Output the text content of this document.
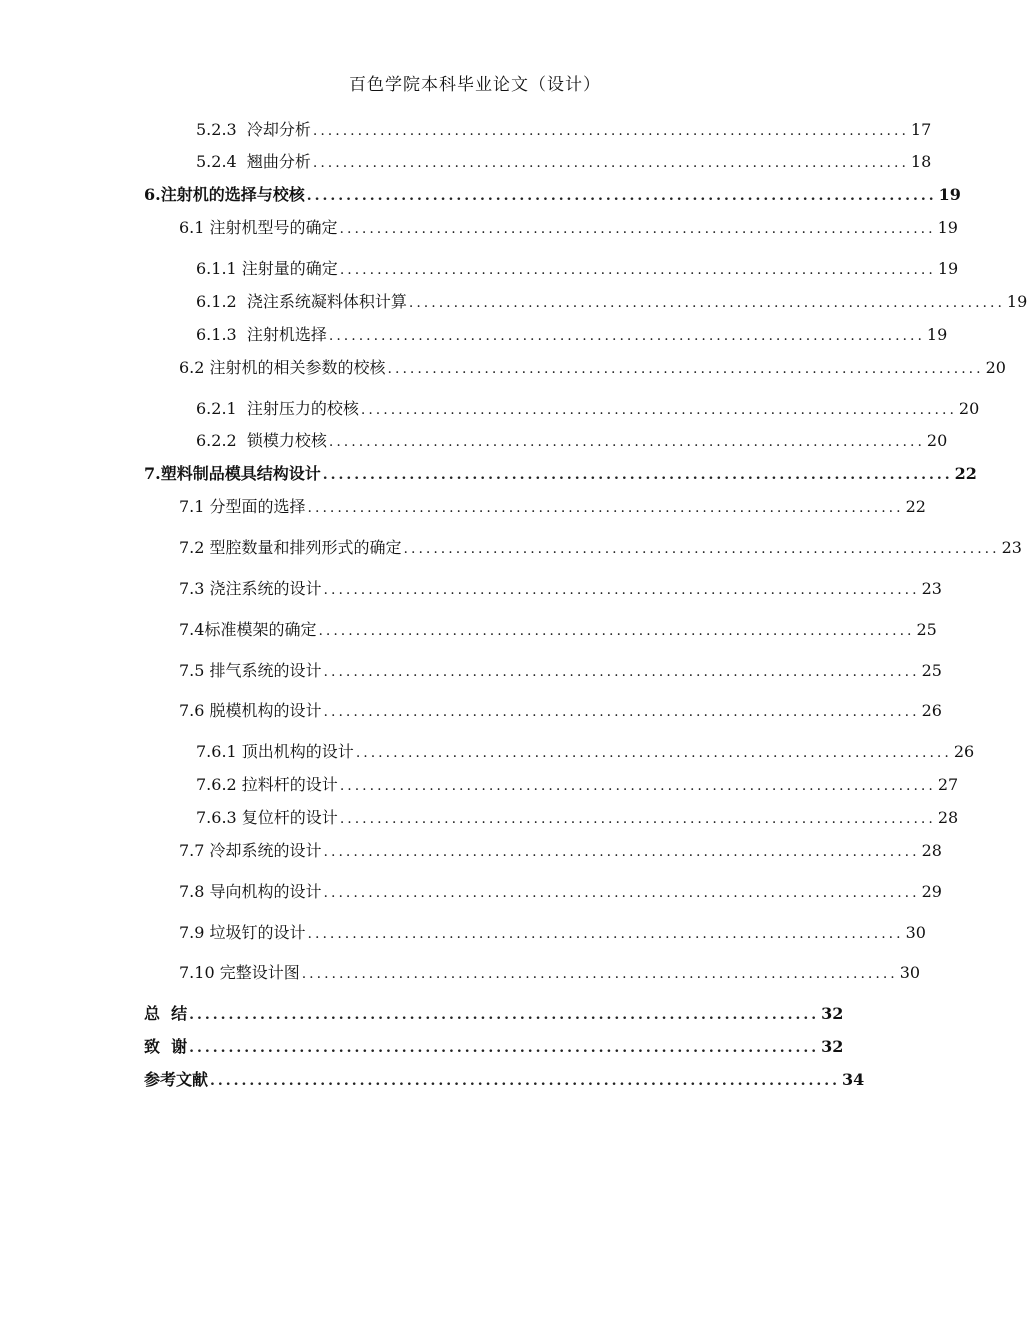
百色学院本科毕业论文（设计）
5.2.3  冷却分析 ................................................................................ 17
5.2.4  翘曲分析 ................................................................................ 18
6.注射机的选择与校核 ................................................................................ 19
6.1 注射机型号的确定 ................................................................................ 19
6.1.1 注射量的确定 ................................................................................ 19
6.1.2  浇注系统凝料体积计算 ................................................................................ 19
6.1.3  注射机选择 ................................................................................ 19
6.2 注射机的相关参数的校核 ................................................................................ 20
6.2.1  注射压力的校核 ................................................................................ 20
6.2.2  锁模力校核 ................................................................................ 20
7.塑料制品模具结构设计 ................................................................................ 22
7.1 分型面的选择 ................................................................................ 22
7.2 型腔数量和排列形式的确定 ................................................................................ 23
7.3 浇注系统的设计 ................................................................................ 23
7.4标准模架的确定 ................................................................................ 25
7.5 排气系统的设计 ................................................................................ 25
7.6 脱模机构的设计 ................................................................................ 26
7.6.1 顶出机构的设计 ................................................................................ 26
7.6.2 拉料杆的设计 ................................................................................ 27
7.6.3 复位杆的设计 ................................................................................ 28
7.7 冷却系统的设计 ................................................................................ 28
7.8 导向机构的设计 ................................................................................ 29
7.9 垃圾钉的设计 ................................................................................ 30
7.10 完整设计图 ................................................................................ 30
总  结 ................................................................................ 32
致  谢 ................................................................................ 32
参考文献 ................................................................................ 34
